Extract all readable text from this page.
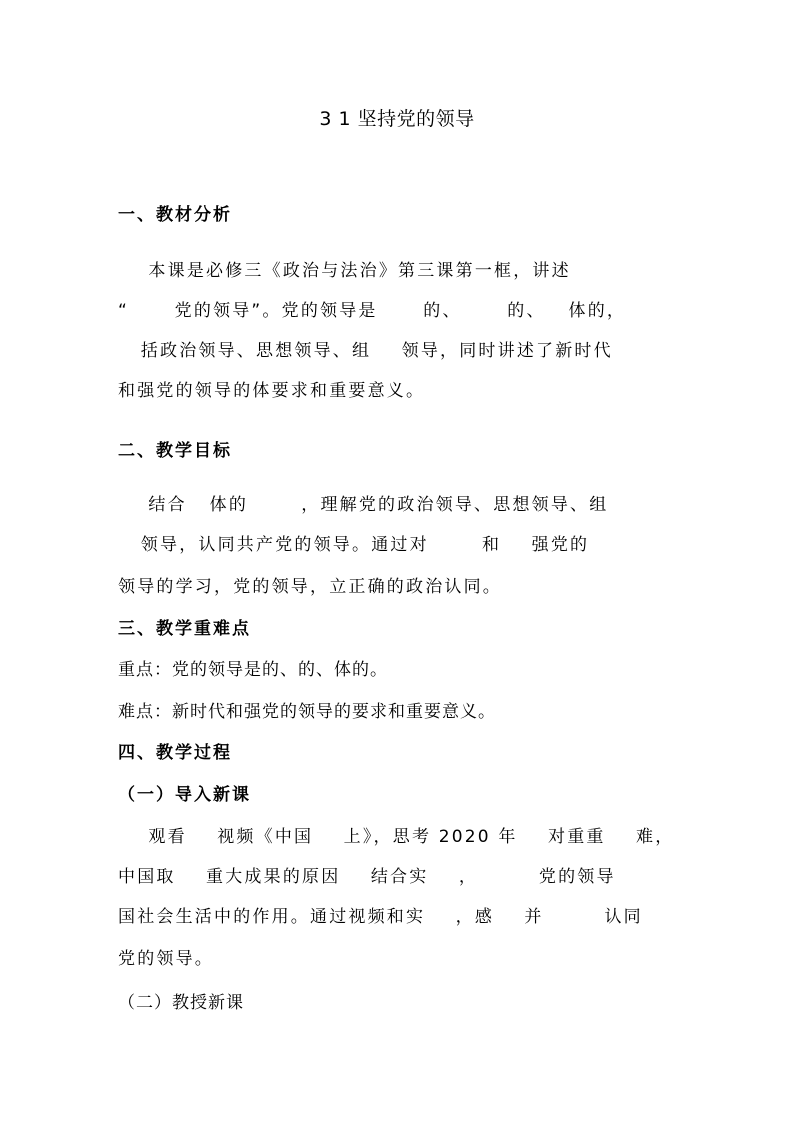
3 1 坚持党的领导
一、教材分析
本课是必修三《政治与法治》第三课第一框，讲述
“      党的领导”。党的领导是      的、      的、   体的，
括政治领导、思想领导、组    领导，同时讲述了新时代
和强党的领导的体要求和重要意义。
二、教学目标
结合   体的       ，理解党的政治领导、思想领导、组
领导，认同共产党的领导。通过对       和    强党的
领导的学习，党的领导，立正确的政治认同。
三、教学重难点
重点：党的领导是的、的、体的。
难点：新时代和强党的领导的要求和重要意义。
四、教学过程
（一）导入新课
观看    视频《中国    上》，思考 2020 年    对重重    难，
中国取    重大成果的原因    结合实    ，        党的领导
国社会生活中的作用。通过视频和实    ，感    并        认同
党的领导。
（二）教授新课
